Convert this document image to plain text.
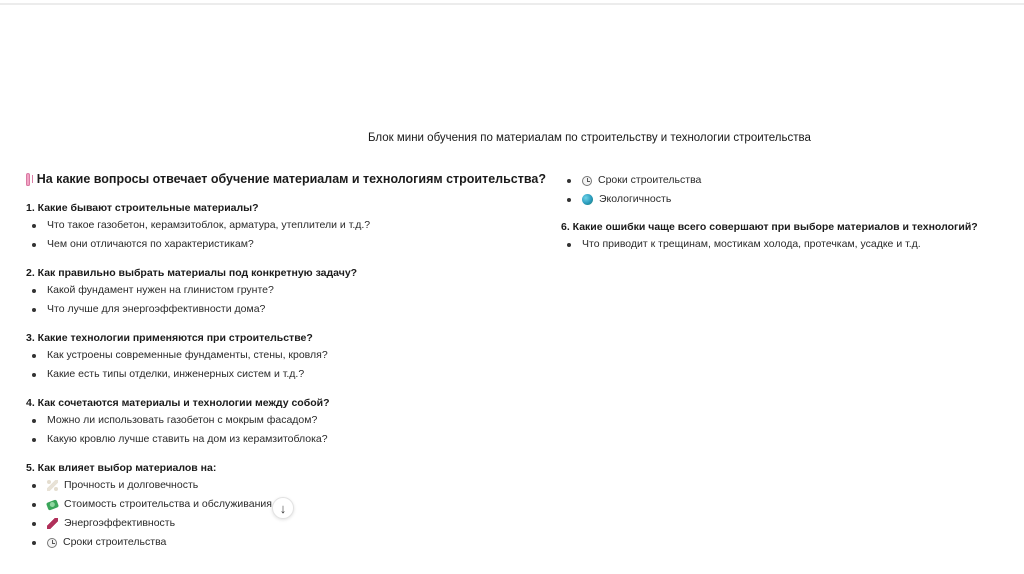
Блок мини обучения по материалам по строительству и технологии строительства
На какие вопросы отвечает обучение материалам и технологиям строительства?
1. Какие бывают строительные материалы?
Что такое газобетон, керамзитоблок, арматура, утеплители и т.д.?
Чем они отличаются по характеристикам?
2. Как правильно выбрать материалы под конкретную задачу?
Какой фундамент нужен на глинистом грунте?
Что лучше для энергоэффективности дома?
3. Какие технологии применяются при строительстве?
Как устроены современные фундаменты, стены, кровля?
Какие есть типы отделки, инженерных систем и т.д.?
4. Как сочетаются материалы и технологии между собой?
Можно ли использовать газобетон с мокрым фасадом?
Какую кровлю лучше ставить на дом из керамзитоблока?
5. Как влияет выбор материалов на:
Прочность и долговечность
Стоимость строительства и обслуживания
Энергоэффективность
Сроки строительства
Сроки строительства
Экологичность
6. Какие ошибки чаще всего совершают при выборе материалов и технологий?
Что приводит к трещинам, мостикам холода, протечкам, усадке и т.д.
↓
